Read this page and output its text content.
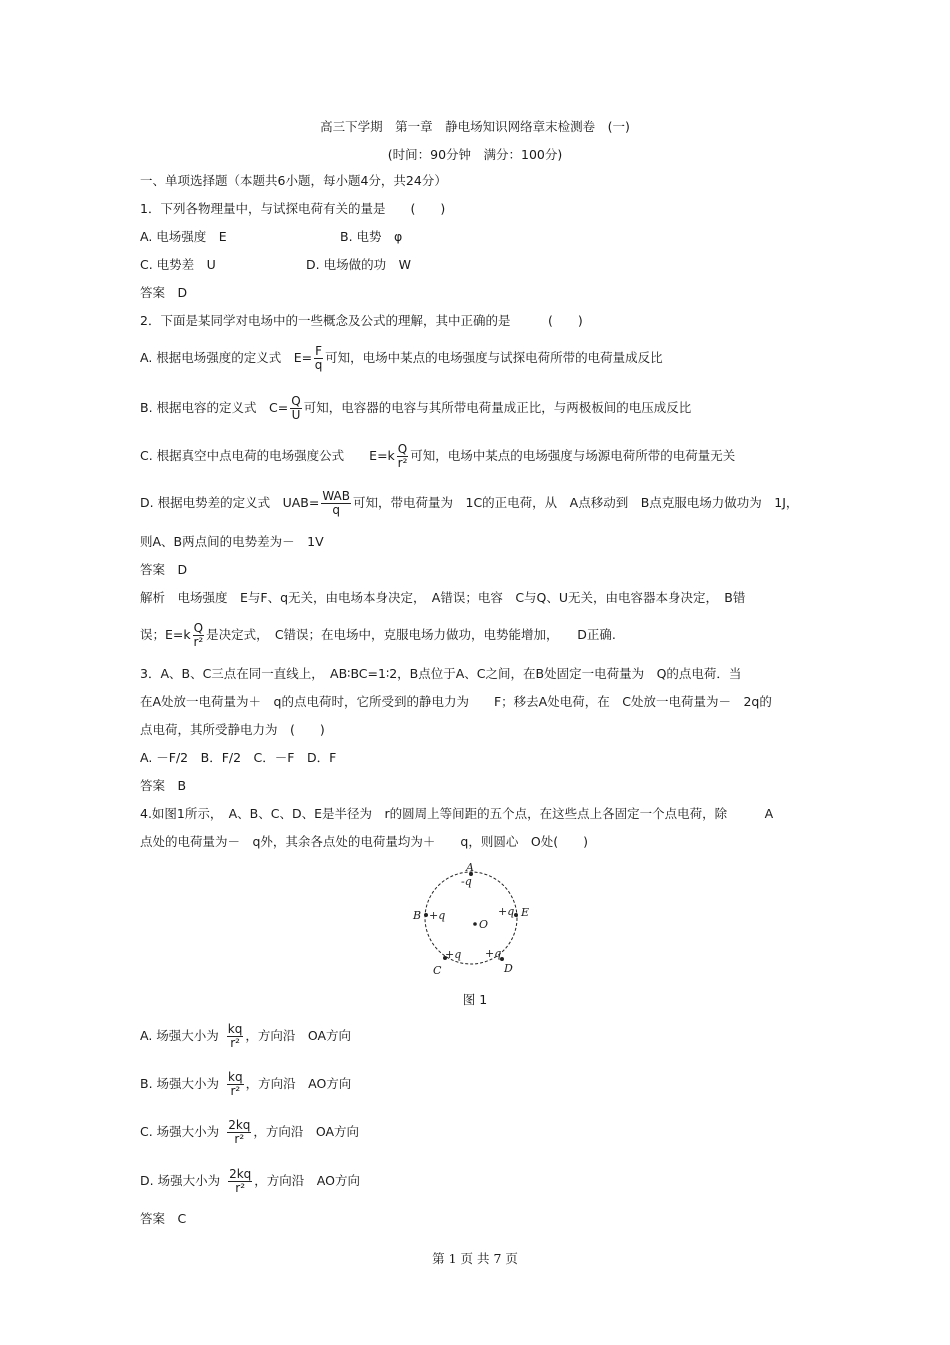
高三下学期　第一章　静电场知识网络章末检测卷　(一)
(时间：90分钟　满分：100分)
一、单项选择题（本题共6小题，每小题4分，共24分）
1．下列各物理量中，与试探电荷有关的量是　　(　　)
A. 电场强度　E	B. 电势　φ
C. 电势差　U	D. 电场做的功　W
答案　D
2．下面是某同学对电场中的一些概念及公式的理解，其中正确的是　　　(　　)
A. 根据电场强度的定义式　$E= \frac{F}{q}$ 可知，电场中某点的电场强度与试探电荷所带的电荷量成反比
B. 根据电容的定义式　$C= \frac{Q}{U}$ 可知，电容器的电容与其所带电荷量成正比，与两极板间的电压成反比
C. 根据真空中点电荷的电场强度公式　　$E=k \frac{Q}{\text{r²}}$ 可知，电场中某点的电场强度与场源电荷所带的电荷量无关
D. 根据电势差的定义式　$UAB= \frac{\text{WAB}}{q}$ 可知，带电荷量为　1C的正电荷，从　A点移动到　B点克服电场力做功为　1J，
则A、B两点间的电势差为－　1V
答案　D
解析　电场强度　E与F、q无关，由电场本身决定，　A错误；电容　C与Q、U无关，由电容器本身决定，　B错
误；$E=k \frac{Q}{\text{r²}}$ 是决定式，　C错误；在电场中，克服电场力做功，电势能增加，　　D正确.
3．A、B、C三点在同一直线上，　AB∶BC=1∶2，B点位于A、C之间，在B处固定一电荷量为　Q的点电荷．当
在A处放一电荷量为＋　q的点电荷时，它所受到的静电力为　　F；移去A处电荷，在　C处放一电荷量为－　2q的
点电荷，其所受静电力为　(　　)
A. －F/2　B．F/2　C．－F　D．F
答案　B
4.如图1所示，　A、B、C、D、E是半径为　r的圆周上等间距的五个点，在这些点上各固定一个点电荷，除　　　A
点处的电荷量为－　q外，其余各点处的电荷量均为＋　　q，则圆心　O处(　　)
A
-q
B +q
O
+q E
+q
C
+q
D
图 1
A. 场强大小为 $\frac{kq}{\text{r²}}$ ，方向沿　OA方向
B. 场强大小为 $\frac{kq}{\text{r²}}$ ，方向沿　AO方向
C. 场强大小为 $\frac{2kq}{\text{r²}}$ ，方向沿　OA方向
D. 场强大小为 $\frac{2kq}{\text{r²}}$ ，方向沿　AO方向
答案　C
第 1 页 共 7 页
